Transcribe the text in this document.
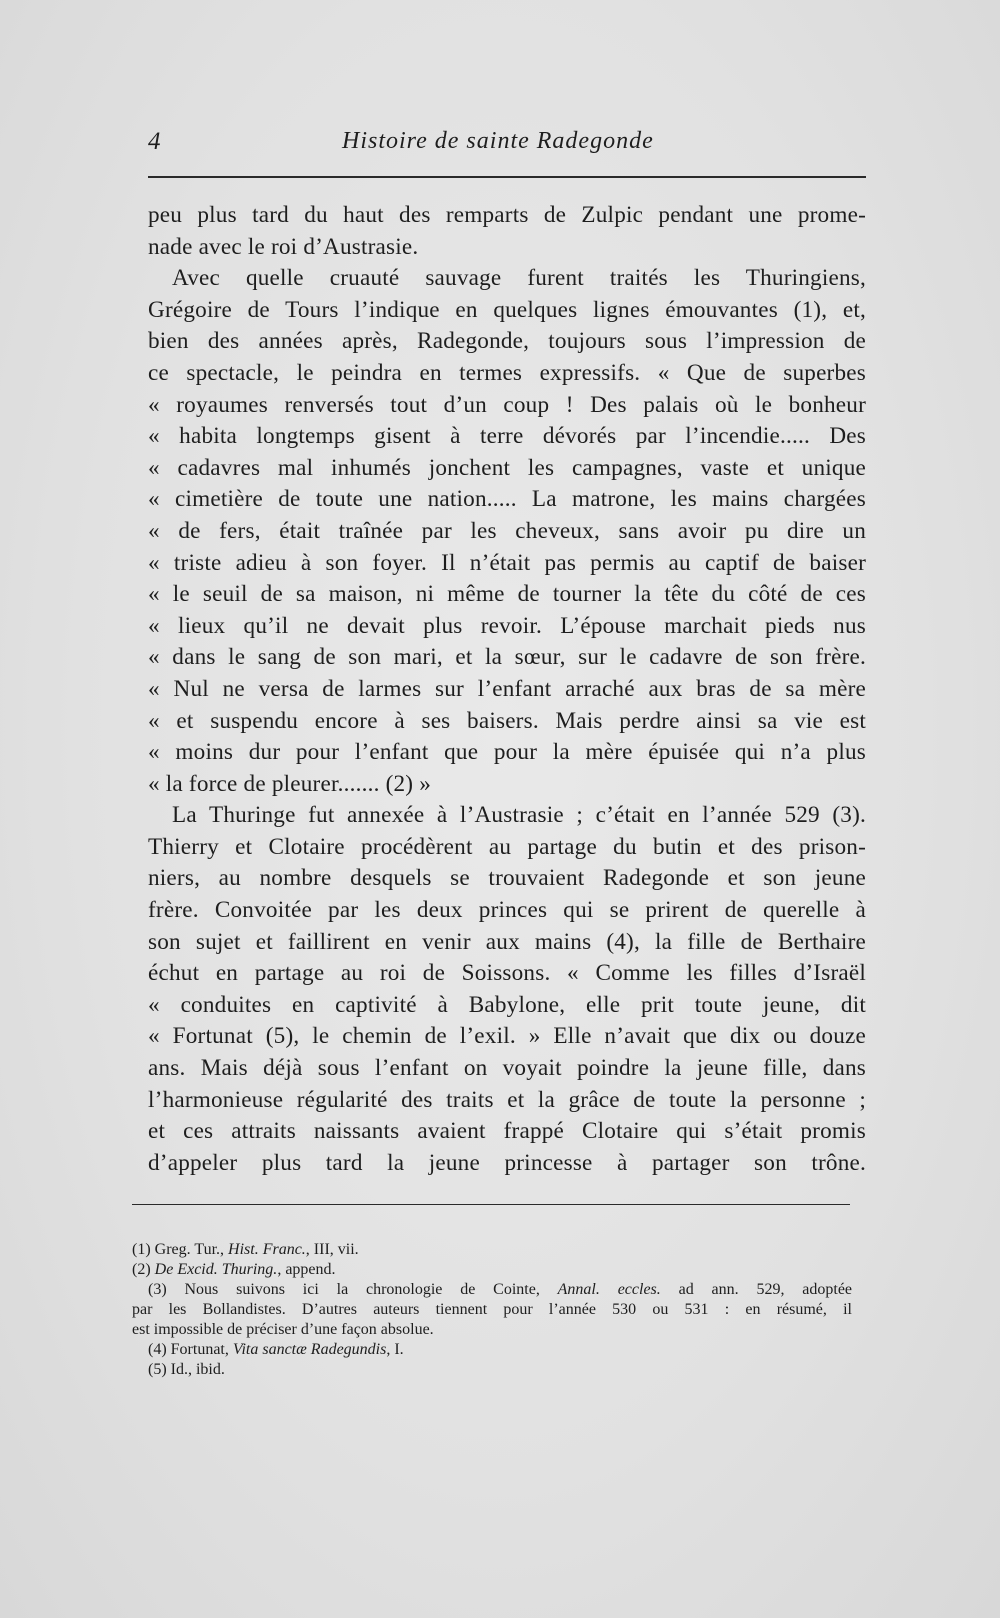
4	Histoire de sainte Radegonde
peu plus tard du haut des remparts de Zulpic pendant une prome-
nade avec le roi d’Austrasie.
Avec quelle cruauté sauvage furent traités les Thuringiens,
Grégoire de Tours l’indique en quelques lignes émouvantes (1), et,
bien des années après, Radegonde, toujours sous l’impression de
ce spectacle, le peindra en termes expressifs. « Que de superbes
« royaumes renversés tout d’un coup ! Des palais où le bonheur
« habita longtemps gisent à terre dévorés par l’incendie..... Des
« cadavres mal inhumés jonchent les campagnes, vaste et unique
« cimetière de toute une nation..... La matrone, les mains chargées
« de fers, était traînée par les cheveux, sans avoir pu dire un
« triste adieu à son foyer. Il n’était pas permis au captif de baiser
« le seuil de sa maison, ni même de tourner la tête du côté de ces
« lieux qu’il ne devait plus revoir. L’épouse marchait pieds nus
« dans le sang de son mari, et la sœur, sur le cadavre de son frère.
« Nul ne versa de larmes sur l’enfant arraché aux bras de sa mère
« et suspendu encore à ses baisers. Mais perdre ainsi sa vie est
« moins dur pour l’enfant que pour la mère épuisée qui n’a plus
« la force de pleurer....... (2) »
La Thuringe fut annexée à l’Austrasie ; c’était en l’année 529 (3).
Thierry et Clotaire procédèrent au partage du butin et des prison-
niers, au nombre desquels se trouvaient Radegonde et son jeune
frère. Convoitée par les deux princes qui se prirent de querelle à
son sujet et faillirent en venir aux mains (4), la fille de Berthaire
échut en partage au roi de Soissons. « Comme les filles d’Israël
« conduites en captivité à Babylone, elle prit toute jeune, dit
« Fortunat (5), le chemin de l’exil. » Elle n’avait que dix ou douze
ans. Mais déjà sous l’enfant on voyait poindre la jeune fille, dans
l’harmonieuse régularité des traits et la grâce de toute la personne ;
et ces attraits naissants avaient frappé Clotaire qui s’était promis
d’appeler plus tard la jeune princesse à partager son trône.
(1) Greg. Tur., Hist. Franc., III, vii.
(2) De Excid. Thuring., append.
(3) Nous suivons ici la chronologie de Cointe, Annal. eccles. ad ann. 529, adoptée
par les Bollandistes. D’autres auteurs tiennent pour l’année 530 ou 531 : en résumé, il
est impossible de préciser d’une façon absolue.
(4) Fortunat, Vita sanctæ Radegundis, I.
(5) Id., ibid.
